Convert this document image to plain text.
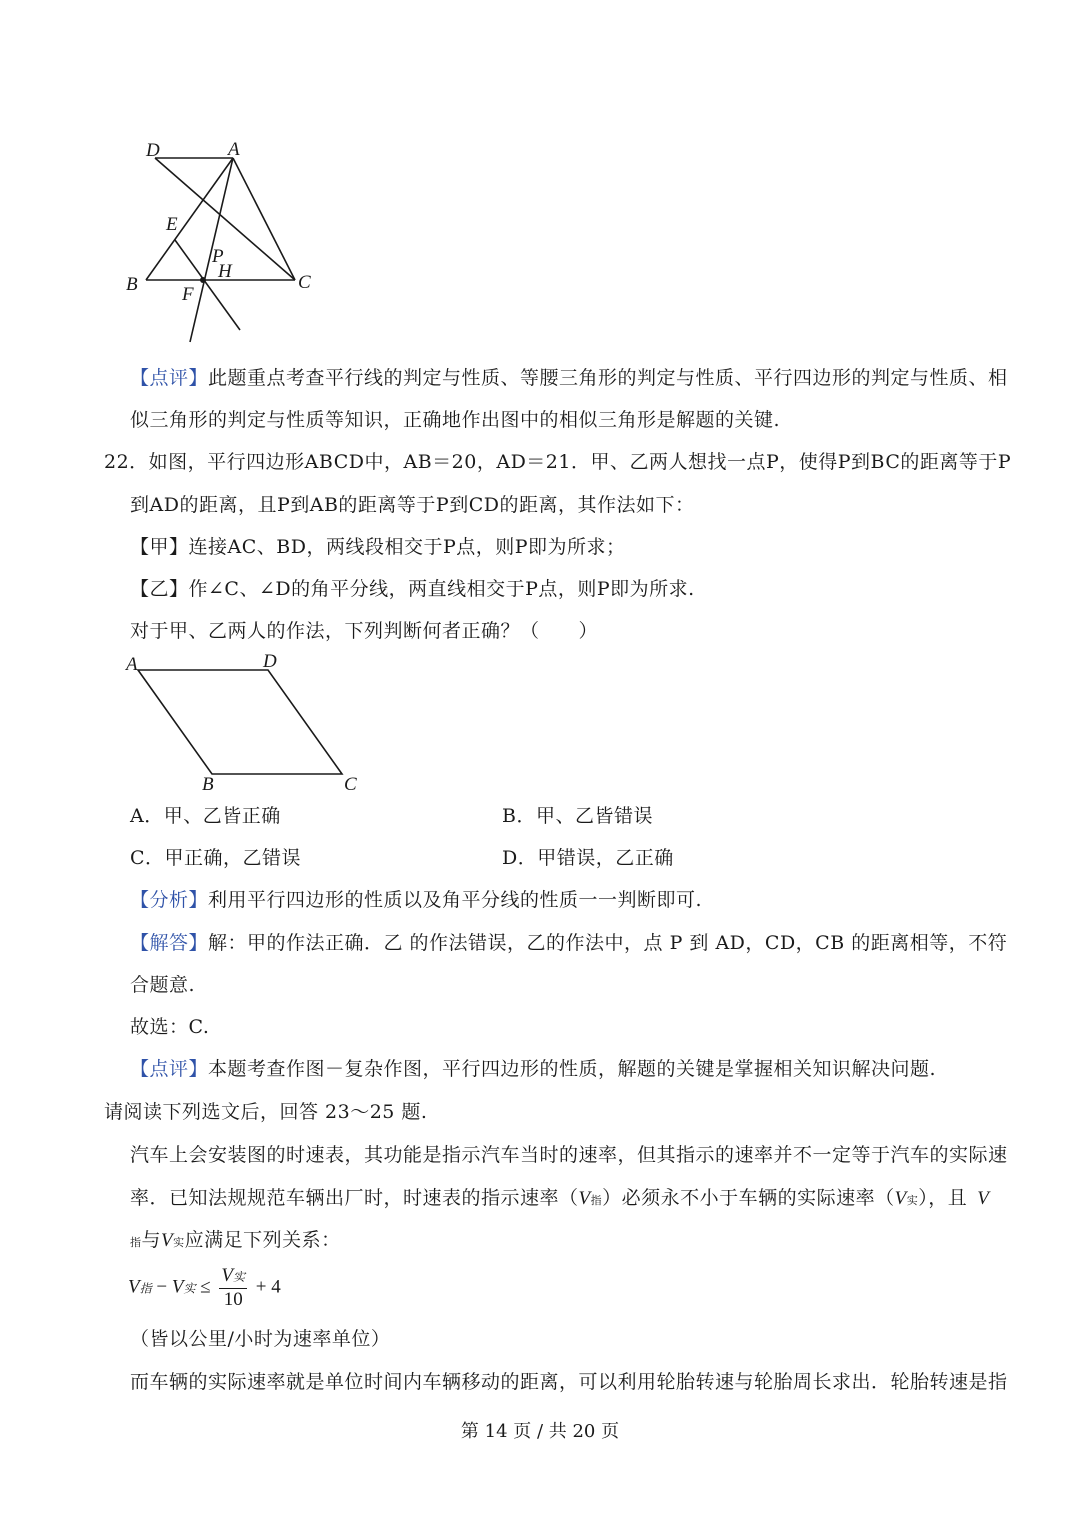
D	A
E
P
H
B	C
F
【点评】此题重点考查平行线的判定与性质、等腰三角形的判定与性质、平行四边形的判定与性质、相
似三角形的判定与性质等知识，正确地作出图中的相似三角形是解题的关键.
22．如图，平行四边形ABCD中，AB＝20，AD＝21．甲、乙两人想找一点P，使得P到BC的距离等于P
到AD的距离，且P到AB的距离等于P到CD的距离，其作法如下：
【甲】连接AC、BD，两线段相交于P点，则P即为所求；
【乙】作∠C、∠D的角平分线，两直线相交于P点，则P即为所求.
对于甲、乙两人的作法，下列判断何者正确？（　　）
A	D
B	C
A．甲、乙皆正确	B．甲、乙皆错误
C．甲正确，乙错误	D．甲错误，乙正确
【分析】利用平行四边形的性质以及角平分线的性质一一判断即可.
【解答】解：甲的作法正确．乙 的作法错误，乙的作法中，点 P 到 AD，CD，CB 的距离相等，不符
合题意.
故选：C.
【点评】本题考查作图－复杂作图，平行四边形的性质，解题的关键是掌握相关知识解决问题.
请阅读下列选文后，回答 23～25 题.
汽车上会安装图的时速表，其功能是指示汽车当时的速率，但其指示的速率并不一定等于汽车的实际速
率．已知法规规范车辆出厂时，时速表的指示速率（V指）必须永不小于车辆的实际速率（V实），且 V
指与V实应满足下列关系：
V指 − V实 ≤ $\frac{\text{V实}}{10} + 4$
（皆以公里/小时为速率单位）
而车辆的实际速率就是单位时间内车辆移动的距离，可以利用轮胎转速与轮胎周长求出．轮胎转速是指
第 14 页 / 共 20 页
